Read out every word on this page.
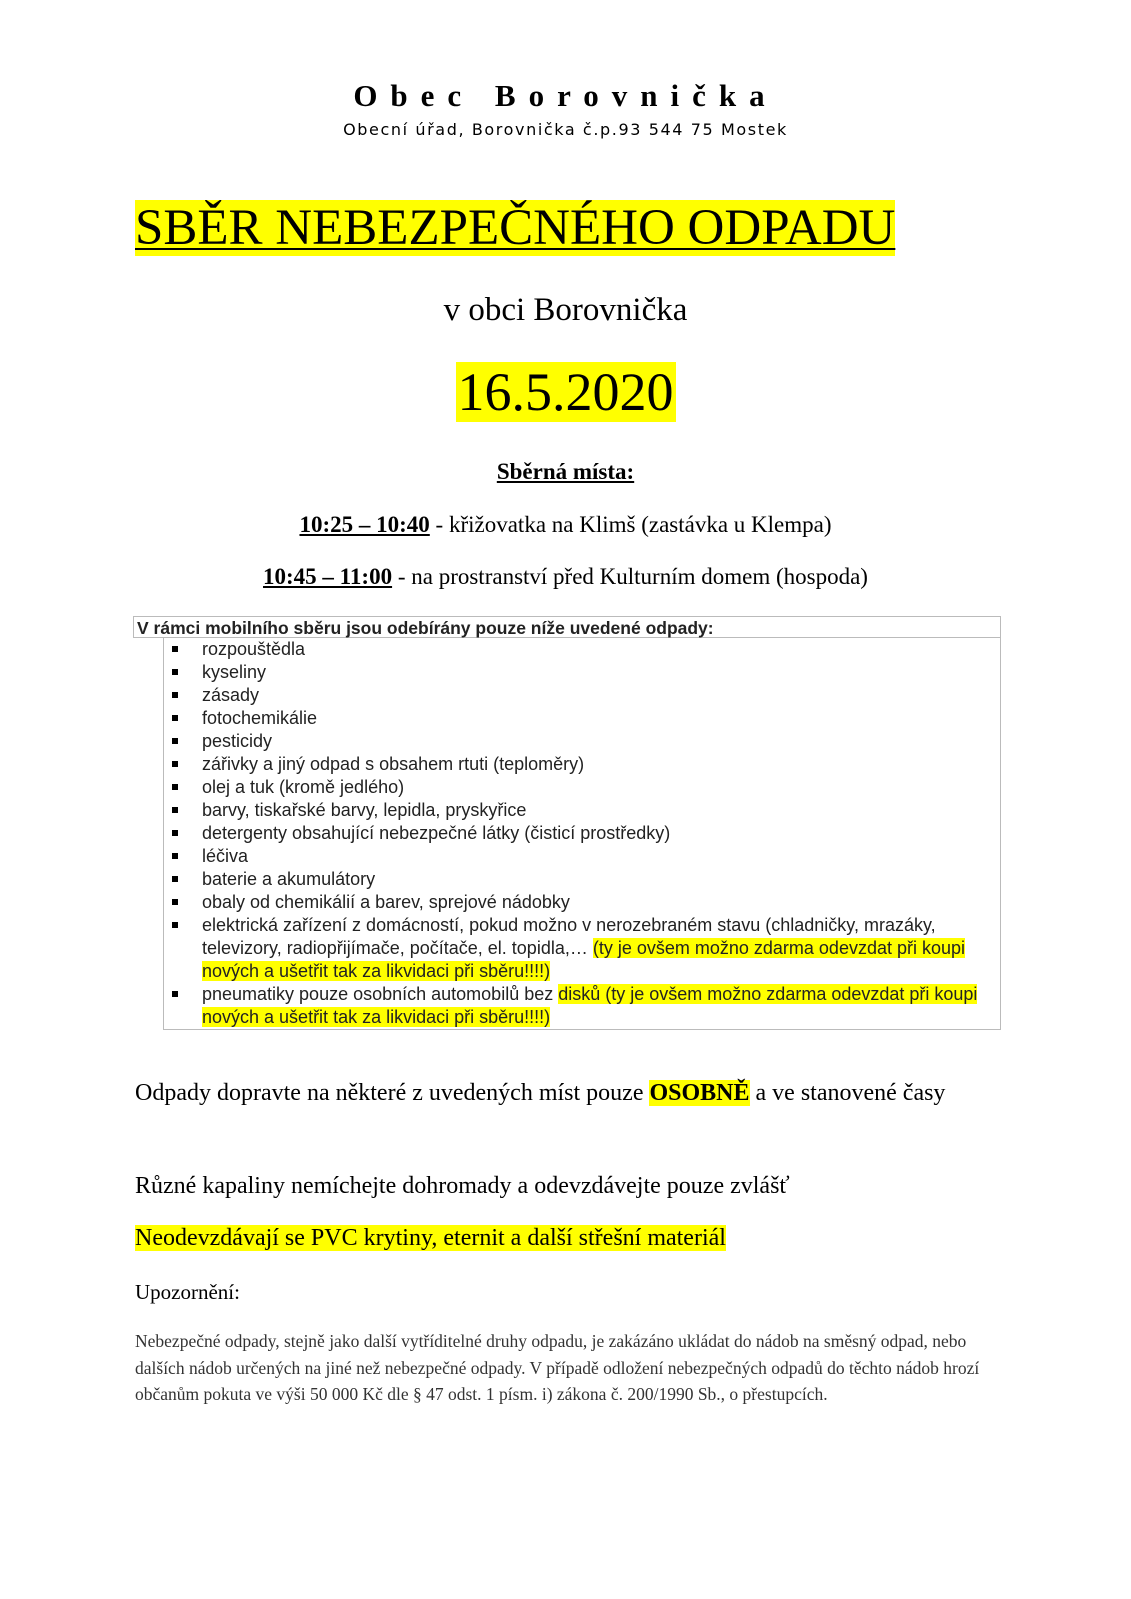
Obec Borovnička
Obecní úřad, Borovnička č.p.93 544 75 Mostek
SBĚR NEBEZPEČNÉHO ODPADU
v obci Borovnička
16.5.2020
Sběrná místa:
10:25 – 10:40 - křižovatka na Klimš (zastávka u Klempa)
10:45 – 11:00 - na prostranství před Kulturním domem (hospoda)
V rámci mobilního sběru jsou odebírány pouze níže uvedené odpady:
rozpouštědla
kyseliny
zásady
fotochemikálie
pesticidy
zářivky a jiný odpad s obsahem rtuti (teploměry)
olej a tuk (kromě jedlého)
barvy, tiskařské barvy, lepidla, pryskyřice
detergenty obsahující nebezpečné látky (čisticí prostředky)
léčiva
baterie a akumulátory
obaly od chemikálií a barev, sprejové nádobky
elektrická zařízení z domácností, pokud možno v nerozebraném stavu (chladničky, mrazáky, televizory, radiopřijímače, počítače, el. topidla,… (ty je ovšem možno zdarma odevzdat při koupi nových a ušetřit tak za likvidaci při sběru!!!!)
pneumatiky pouze osobních automobilů bez disků (ty je ovšem možno zdarma odevzdat při koupi nových a ušetřit tak za likvidaci při sběru!!!!)
Odpady dopravte na některé z uvedených míst pouze OSOBNĚ a ve stanovené časy
Různé kapaliny nemíchejte dohromady a odevzdávejte pouze zvlášť
Neodevzdávají se PVC krytiny, eternit a další střešní materiál
Upozornění:
Nebezpečné odpady, stejně jako další vytříditelné druhy odpadu, je zakázáno ukládat do nádob na směsný odpad, nebo dalších nádob určených na jiné než nebezpečné odpady. V případě odložení nebezpečných odpadů do těchto nádob hrozí občanům pokuta ve výši 50 000 Kč dle § 47 odst. 1 písm. i) zákona č. 200/1990 Sb., o přestupcích.
